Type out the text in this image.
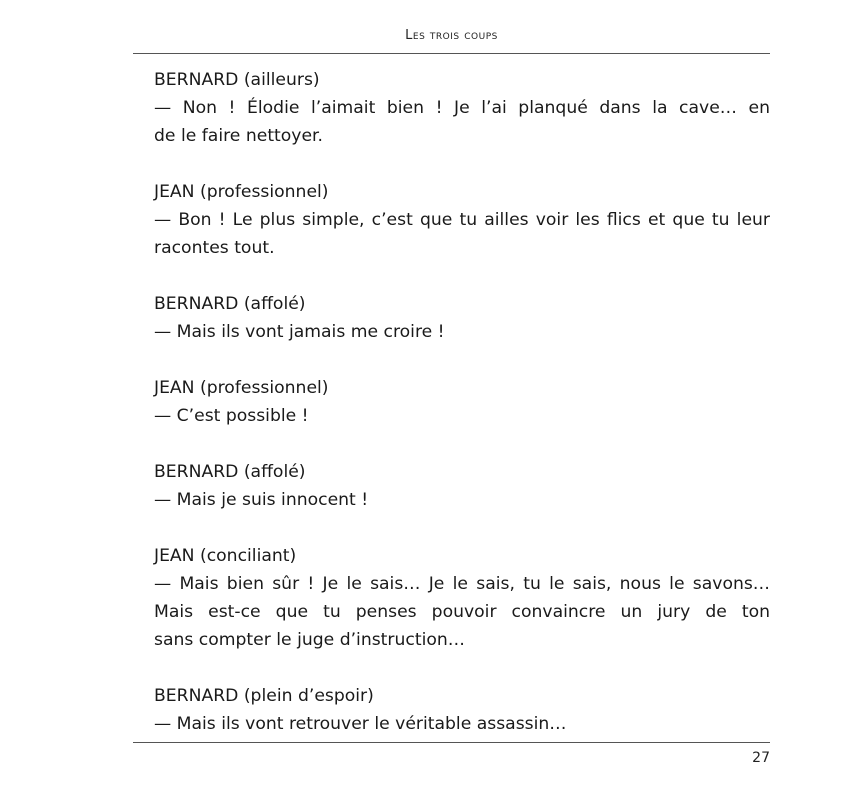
Les trois coups
BERNARD (ailleurs)
— Non ! Élodie l’aimait bien ! Je l’ai planqué dans la cave… en
de le faire nettoyer.
JEAN (professionnel)
— Bon ! Le plus simple, c’est que tu ailles voir les flics et que tu leur
racontes tout.
BERNARD (affolé)
— Mais ils vont jamais me croire !
JEAN (professionnel)
— C’est possible !
BERNARD (affolé)
— Mais je suis innocent !
JEAN (conciliant)
— Mais bien sûr ! Je le sais… Je le sais, tu le sais, nous le savons…
Mais est-ce que tu penses pouvoir convaincre un jury de ton
sans compter le juge d’instruction…
BERNARD (plein d’espoir)
— Mais ils vont retrouver le véritable assassin…
27
